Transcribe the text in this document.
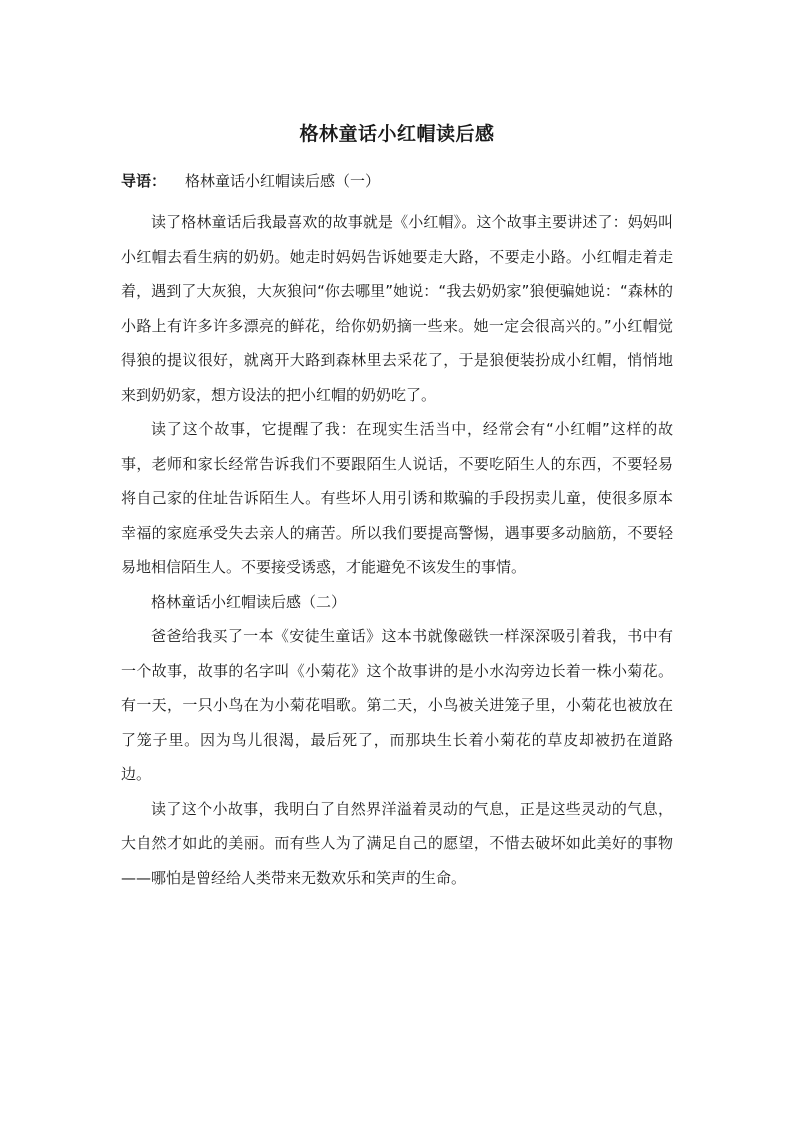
格林童话小红帽读后感
导语： 格林童话小红帽读后感（一）

读了格林童话后我最喜欢的故事就是《小红帽》。这个故事主要讲述了：妈妈叫小红帽去看生病的奶奶。她走时妈妈告诉她要走大路，不要走小路。小红帽走着走着，遇到了大灰狼，大灰狼问“你去哪里”她说：“我去奶奶家”狼便骗她说：“森林的小路上有许多许多漂亮的鲜花，给你奶奶摘一些来。她一定会很高兴的。”小红帽觉得狼的提议很好，就离开大路到森林里去采花了，于是狼便装扮成小红帽，悄悄地来到奶奶家，想方设法的把小红帽的奶奶吃了。

读了这个故事，它提醒了我：在现实生活当中，经常会有“小红帽”这样的故事，老师和家长经常告诉我们不要跟陌生人说话，不要吃陌生人的东西，不要轻易将自己家的住址告诉陌生人。有些坏人用引诱和欺骗的手段拐卖儿童，使很多原本幸福的家庭承受失去亲人的痛苦。所以我们要提高警惕，遇事要多动脑筋，不要轻易地相信陌生人。不要接受诱惑，才能避免不该发生的事情。

格林童话小红帽读后感（二）

爸爸给我买了一本《安徒生童话》这本书就像磁铁一样深深吸引着我，书中有一个故事，故事的名字叫《小菊花》这个故事讲的是小水沟旁边长着一株小菊花。有一天，一只小鸟在为小菊花唱歌。第二天，小鸟被关进笼子里，小菊花也被放在了笼子里。因为鸟儿很渴，最后死了，而那块生长着小菊花的草皮却被扔在道路边。

读了这个小故事，我明白了自然界洋溢着灵动的气息，正是这些灵动的气息，大自然才如此的美丽。而有些人为了满足自己的愿望，不惜去破坏如此美好的事物——哪怕是曾经给人类带来无数欢乐和笑声的生命。
